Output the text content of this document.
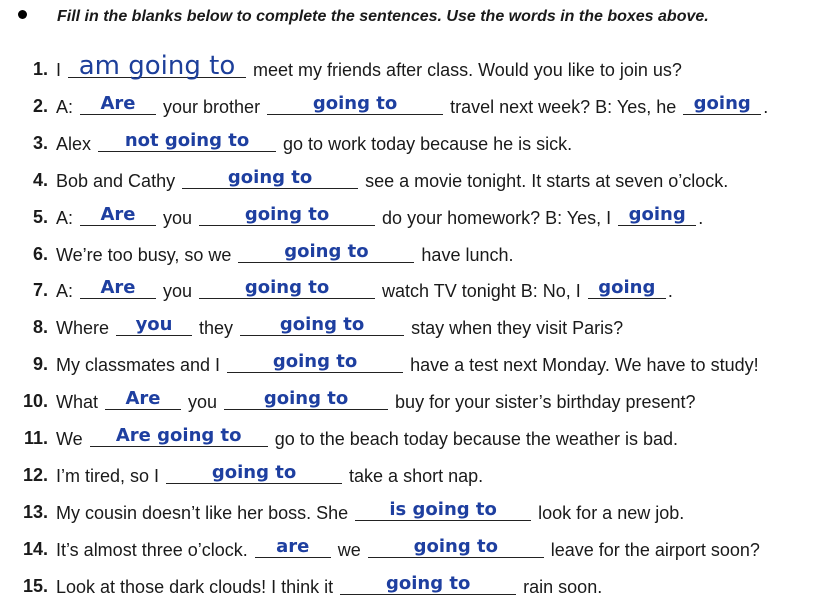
Fill in the blanks below to complete the sentences. Use the words in the boxes above.
1. I am going to meet my friends after class. Would you like to join us?
2. A:	Are	your brother	going to	travel next week? B: Yes, he going .
3. Alex	not going to	go to work today because he is sick.
4. Bob and Cathy	going to	see a movie tonight. It starts at seven o’clock.
5. A:	Are	you	going to	do your homework? B: Yes, I going .
6. We’re too busy, so we	going to	have lunch.
7. A:	Are	you	going to	watch TV tonight B: No, I going .
8. Where	you	they	going to	stay when they visit Paris?
9. My classmates and I	going to	have a test next Monday. We have to study!
10. What	Are	you	going to	buy for your sister’s birthday present?
11. We	Are going to	go to the beach today because the weather is bad.
12. I’m tired, so I	going to	take a short nap.
13. My cousin doesn’t like her boss. She	is going to	look for a new job.
14. It’s almost three o’clock.	are	we	going to	leave for the airport soon?
15. Look at those dark clouds! I think it	going to	rain soon.
